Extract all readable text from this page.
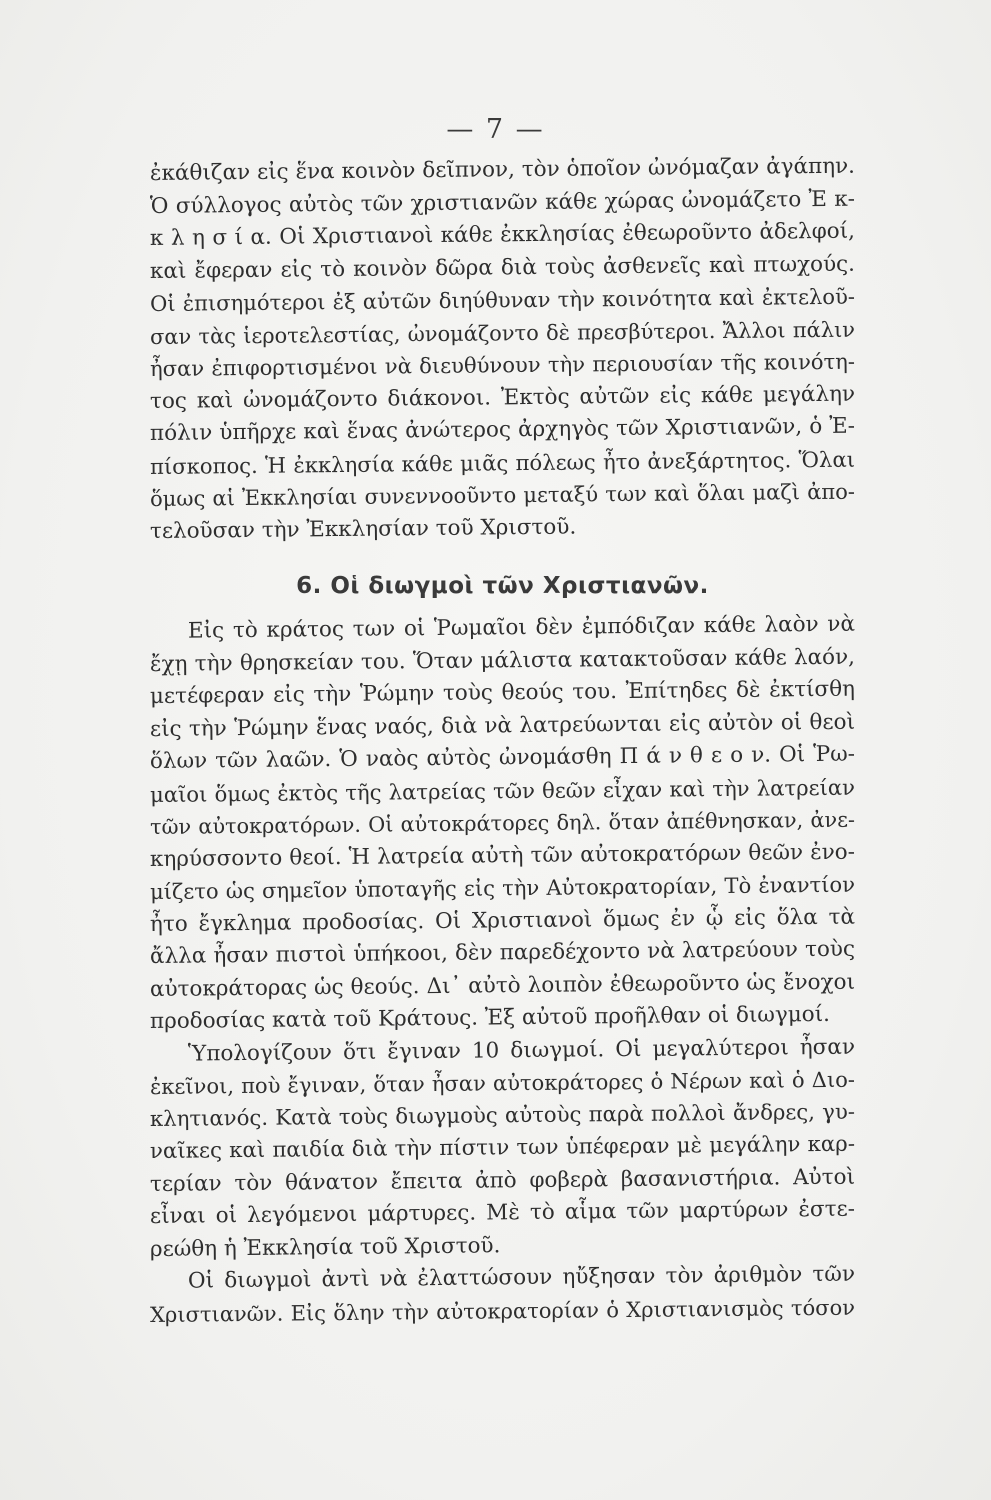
— 7 —
ἐκάθιζαν εἰς ἕνα κοινὸν δεῖπνον, τὸν ὁποῖον ὠνόμαζαν ἀγάπην.
Ὁ σύλλογος αὐτὸς τῶν χριστιανῶν κάθε χώρας ὠνομάζετο Ἐ κ-
κ λ η σ ί α. Οἱ Χριστιανοὶ κάθε ἐκκλησίας ἐθεωροῦντο ἀδελφοί,
καὶ ἔφεραν εἰς τὸ κοινὸν δῶρα διὰ τοὺς ἀσθενεῖς καὶ πτωχούς.
Οἱ ἐπισημότεροι ἐξ αὐτῶν διηύθυναν τὴν κοινότητα καὶ ἐκτελοῦ-
σαν τὰς ἱεροτελεστίας, ὠνομάζοντο δὲ πρεσβύτεροι. Ἄλλοι πάλιν
ἦσαν ἐπιφορτισμένοι νὰ διευθύνουν τὴν περιουσίαν τῆς κοινότη-
τος καὶ ὠνομάζοντο διάκονοι. Ἐκτὸς αὐτῶν εἰς κάθε μεγάλην
πόλιν ὑπῆρχε καὶ ἕνας ἀνώτερος ἀρχηγὸς τῶν Χριστιανῶν, ὁ Ἐ-
πίσκοπος. Ἡ ἐκκλησία κάθε μιᾶς πόλεως ἦτο ἀνεξάρτητος. Ὅλαι
ὅμως αἱ Ἐκκλησίαι συνεννοοῦντο μεταξύ των καὶ ὅλαι μαζὶ ἀπο-
τελοῦσαν τὴν Ἐκκλησίαν τοῦ Χριστοῦ.
6. Οἱ διωγμοὶ τῶν Χριστιανῶν.
Εἰς τὸ κράτος των οἱ Ῥωμαῖοι δὲν ἐμπόδιζαν κάθε λαὸν νὰ
ἔχῃ τὴν θρησκείαν του. Ὅταν μάλιστα κατακτοῦσαν κάθε λαόν,
μετέφεραν εἰς τὴν Ῥώμην τοὺς θεούς του. Ἐπίτηδες δὲ ἐκτίσθη
εἰς τὴν Ῥώμην ἕνας ναός, διὰ νὰ λατρεύωνται εἰς αὐτὸν οἱ θεοὶ
ὅλων τῶν λαῶν. Ὁ ναὸς αὐτὸς ὠνομάσθη Π ά ν θ ε ο ν. Οἱ Ῥω-
μαῖοι ὅμως ἐκτὸς τῆς λατρείας τῶν θεῶν εἶχαν καὶ τὴν λατρείαν
τῶν αὐτοκρατόρων. Οἱ αὐτοκράτορες δηλ. ὅταν ἀπέθνησκαν, ἀνε-
κηρύσσοντο θεοί. Ἡ λατρεία αὐτὴ τῶν αὐτοκρατόρων θεῶν ἐνο-
μίζετο ὡς σημεῖον ὑποταγῆς εἰς τὴν Αὐτοκρατορίαν, Τὸ ἐναντίον
ἦτο ἔγκλημα προδοσίας. Οἱ Χριστιανοὶ ὅμως ἐν ᾧ εἰς ὅλα τὰ
ἄλλα ἦσαν πιστοὶ ὑπήκοοι, δὲν παρεδέχοντο νὰ λατρεύουν τοὺς
αὐτοκράτορας ὡς θεούς. Δι᾽ αὐτὸ λοιπὸν ἐθεωροῦντο ὡς ἔνοχοι
προδοσίας κατὰ τοῦ Κράτους. Ἐξ αὐτοῦ προῆλθαν οἱ διωγμοί.
Ὑπολογίζουν ὅτι ἔγιναν 10 διωγμοί. Οἱ μεγαλύτεροι ἦσαν
ἐκεῖνοι, ποὺ ἔγιναν, ὅταν ἦσαν αὐτοκράτορες ὁ Νέρων καὶ ὁ Διο-
κλητιανός. Κατὰ τοὺς διωγμοὺς αὐτοὺς παρὰ πολλοὶ ἄνδρες, γυ-
ναῖκες καὶ παιδία διὰ τὴν πίστιν των ὑπέφεραν μὲ μεγάλην καρ-
τερίαν τὸν θάνατον ἔπειτα ἀπὸ φοβερὰ βασανιστήρια. Αὐτοὶ
εἶναι οἱ λεγόμενοι μάρτυρες. Μὲ τὸ αἷμα τῶν μαρτύρων ἐστε-
ρεώθη ἡ Ἐκκλησία τοῦ Χριστοῦ.
Οἱ διωγμοὶ ἀντὶ νὰ ἐλαττώσουν ηὔξησαν τὸν ἀριθμὸν τῶν
Χριστιανῶν. Εἰς ὅλην τὴν αὐτοκρατορίαν ὁ Χριστιανισμὸς τόσον
